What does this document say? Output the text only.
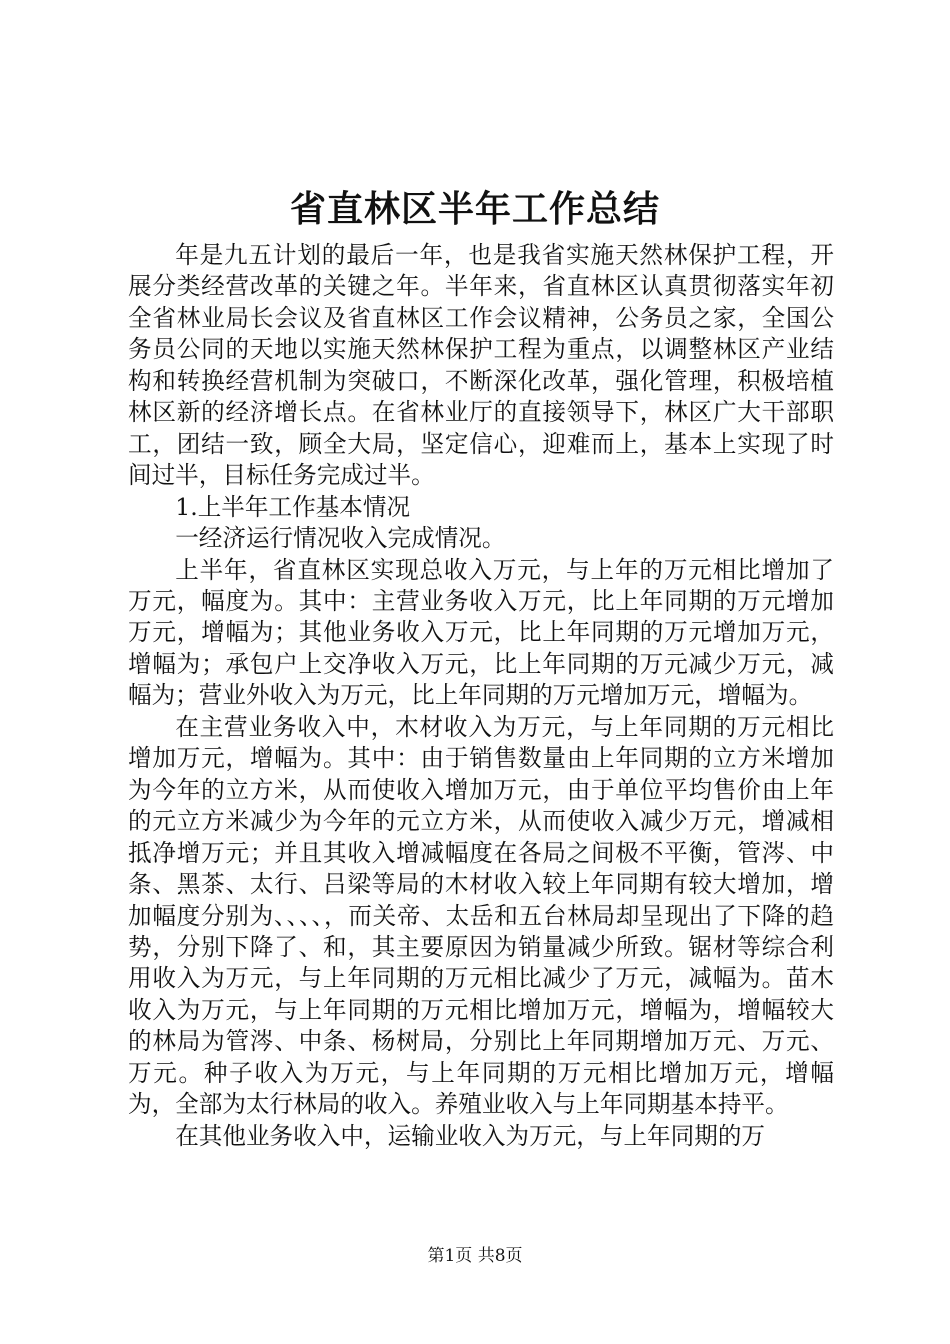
省直林区半年工作总结

年是九五计划的最后一年，也是我省实施天然林保护工程，开展分类经营改革的关键之年。半年来，省直林区认真贯彻落实年初全省林业局长会议及省直林区工作会议精神，公务员之家，全国公务员公同的天地以实施天然林保护工程为重点，以调整林区产业结构和转换经营机制为突破口，不断深化改革，强化管理，积极培植林区新的经济增长点。在省林业厅的直接领导下，林区广大干部职工，团结一致，顾全大局，坚定信心，迎难而上，基本上实现了时间过半，目标任务完成过半。

1.上半年工作基本情况

一经济运行情况收入完成情况。

上半年，省直林区实现总收入万元，与上年的万元相比增加了万元，幅度为。其中：主营业务收入万元，比上年同期的万元增加万元，增幅为；其他业务收入万元，比上年同期的万元增加万元，增幅为；承包户上交净收入万元，比上年同期的万元减少万元，减幅为；营业外收入为万元，比上年同期的万元增加万元，增幅为。

在主营业务收入中，木材收入为万元，与上年同期的万元相比增加万元，增幅为。其中：由于销售数量由上年同期的立方米增加为今年的立方米，从而使收入增加万元，由于单位平均售价由上年的元立方米减少为今年的元立方米，从而使收入减少万元，增减相抵净增万元；并且其收入增减幅度在各局之间极不平衡，管涔、中条、黑茶、太行、吕梁等局的木材收入较上年同期有较大增加，增加幅度分别为、、、、，而关帝、太岳和五台林局却呈现出了下降的趋势，分别下降了、和，其主要原因为销量减少所致。锯材等综合利用收入为万元，与上年同期的万元相比减少了万元，减幅为。苗木收入为万元，与上年同期的万元相比增加万元，增幅为，增幅较大的林局为管涔、中条、杨树局，分别比上年同期增加万元、万元、万元。种子收入为万元，与上年同期的万元相比增加万元，增幅为，全部为太行林局的收入。养殖业收入与上年同期基本持平。

在其他业务收入中，运输业收入为万元，与上年同期的万

第1页 共8页
